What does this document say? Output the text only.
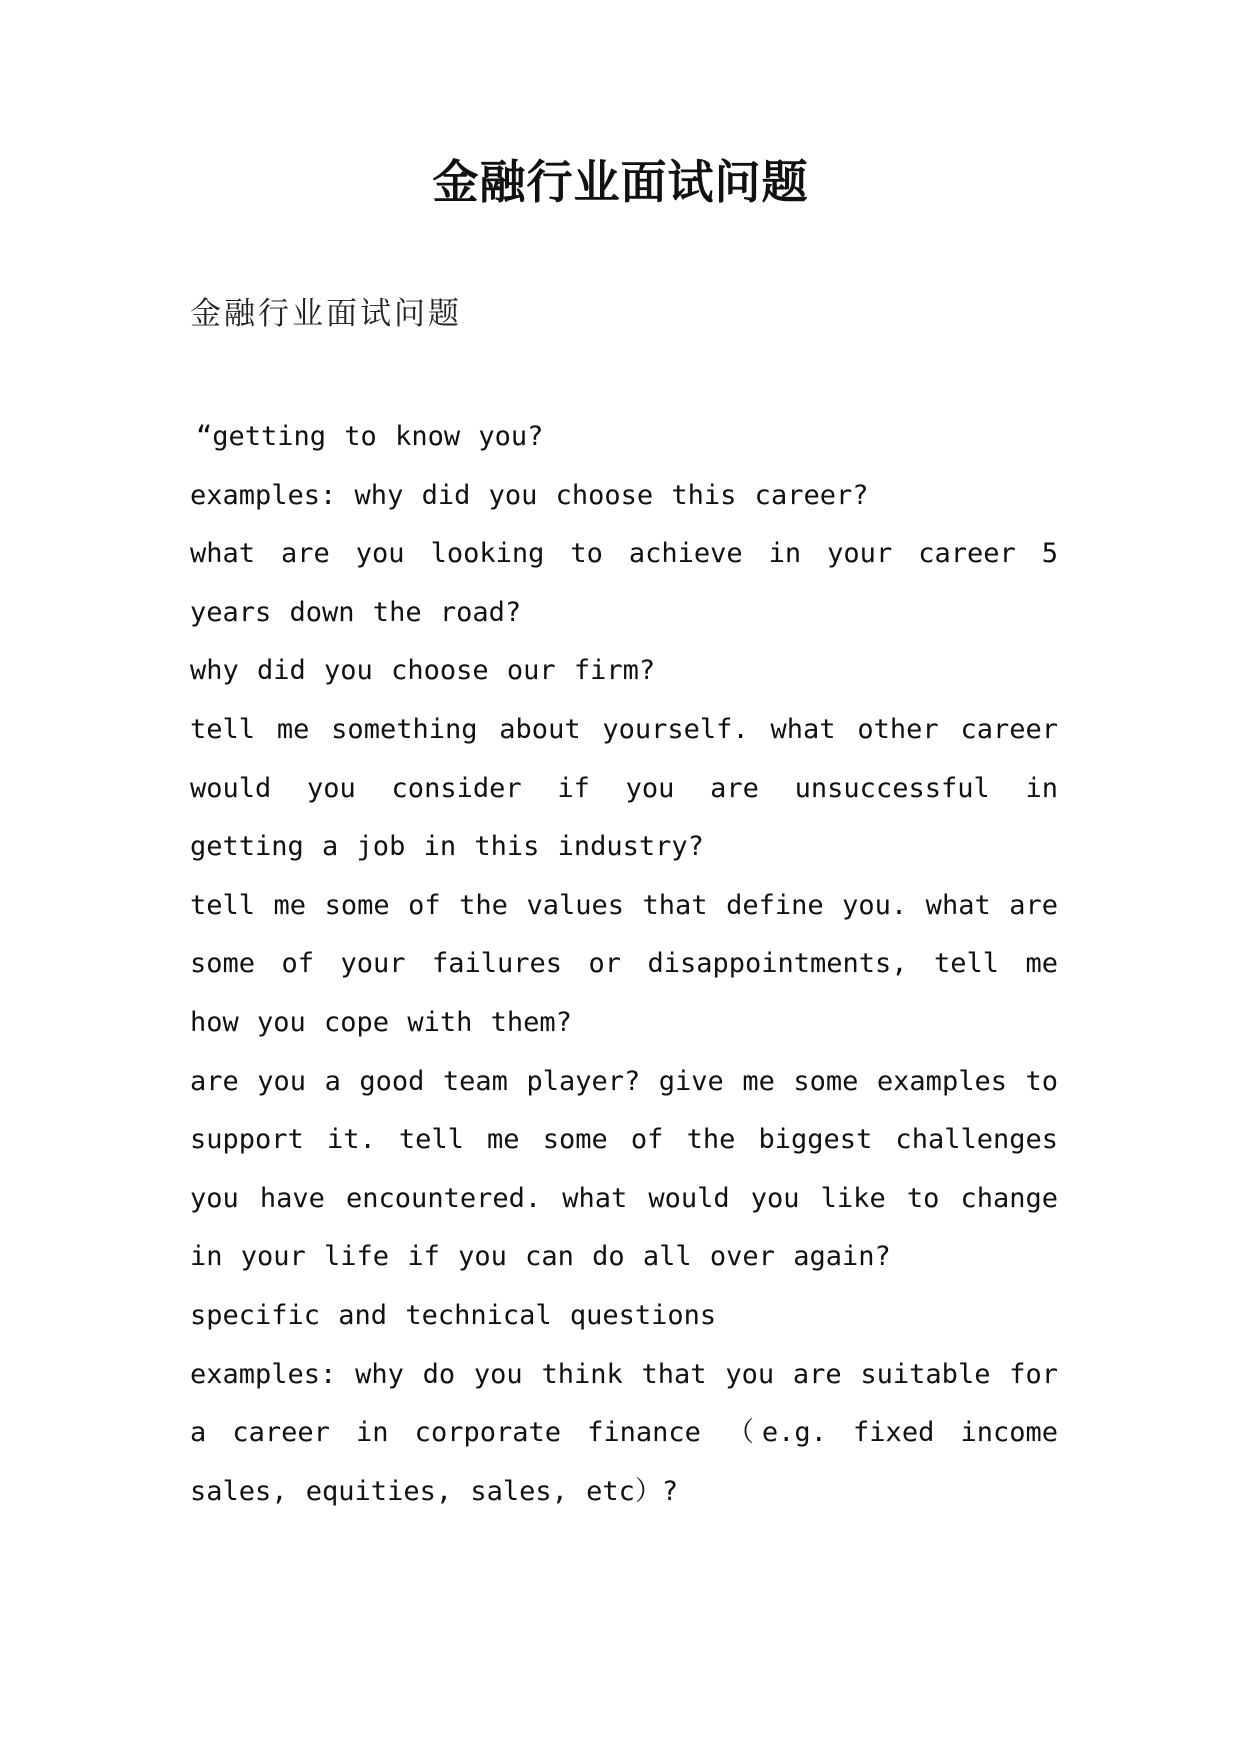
金融行业面试问题
金融行业面试问题

“getting to know you?

examples: why did you choose this career?

what are you looking to achieve in your career 5 years down the road?

why did you choose our firm?

tell me something about yourself. what other career would you consider if you are unsuccessful in getting a job in this industry?

tell me some of the values that define you. what are some of your failures or disappointments, tell me how you cope with them?

are you a good team player? give me some examples to support it. tell me some of the biggest challenges you have encountered. what would you like to change in your life if you can do all over again?

specific and technical questions

examples: why do you think that you are suitable for a career in corporate finance （e.g. fixed income sales, equities, sales, etc）?
